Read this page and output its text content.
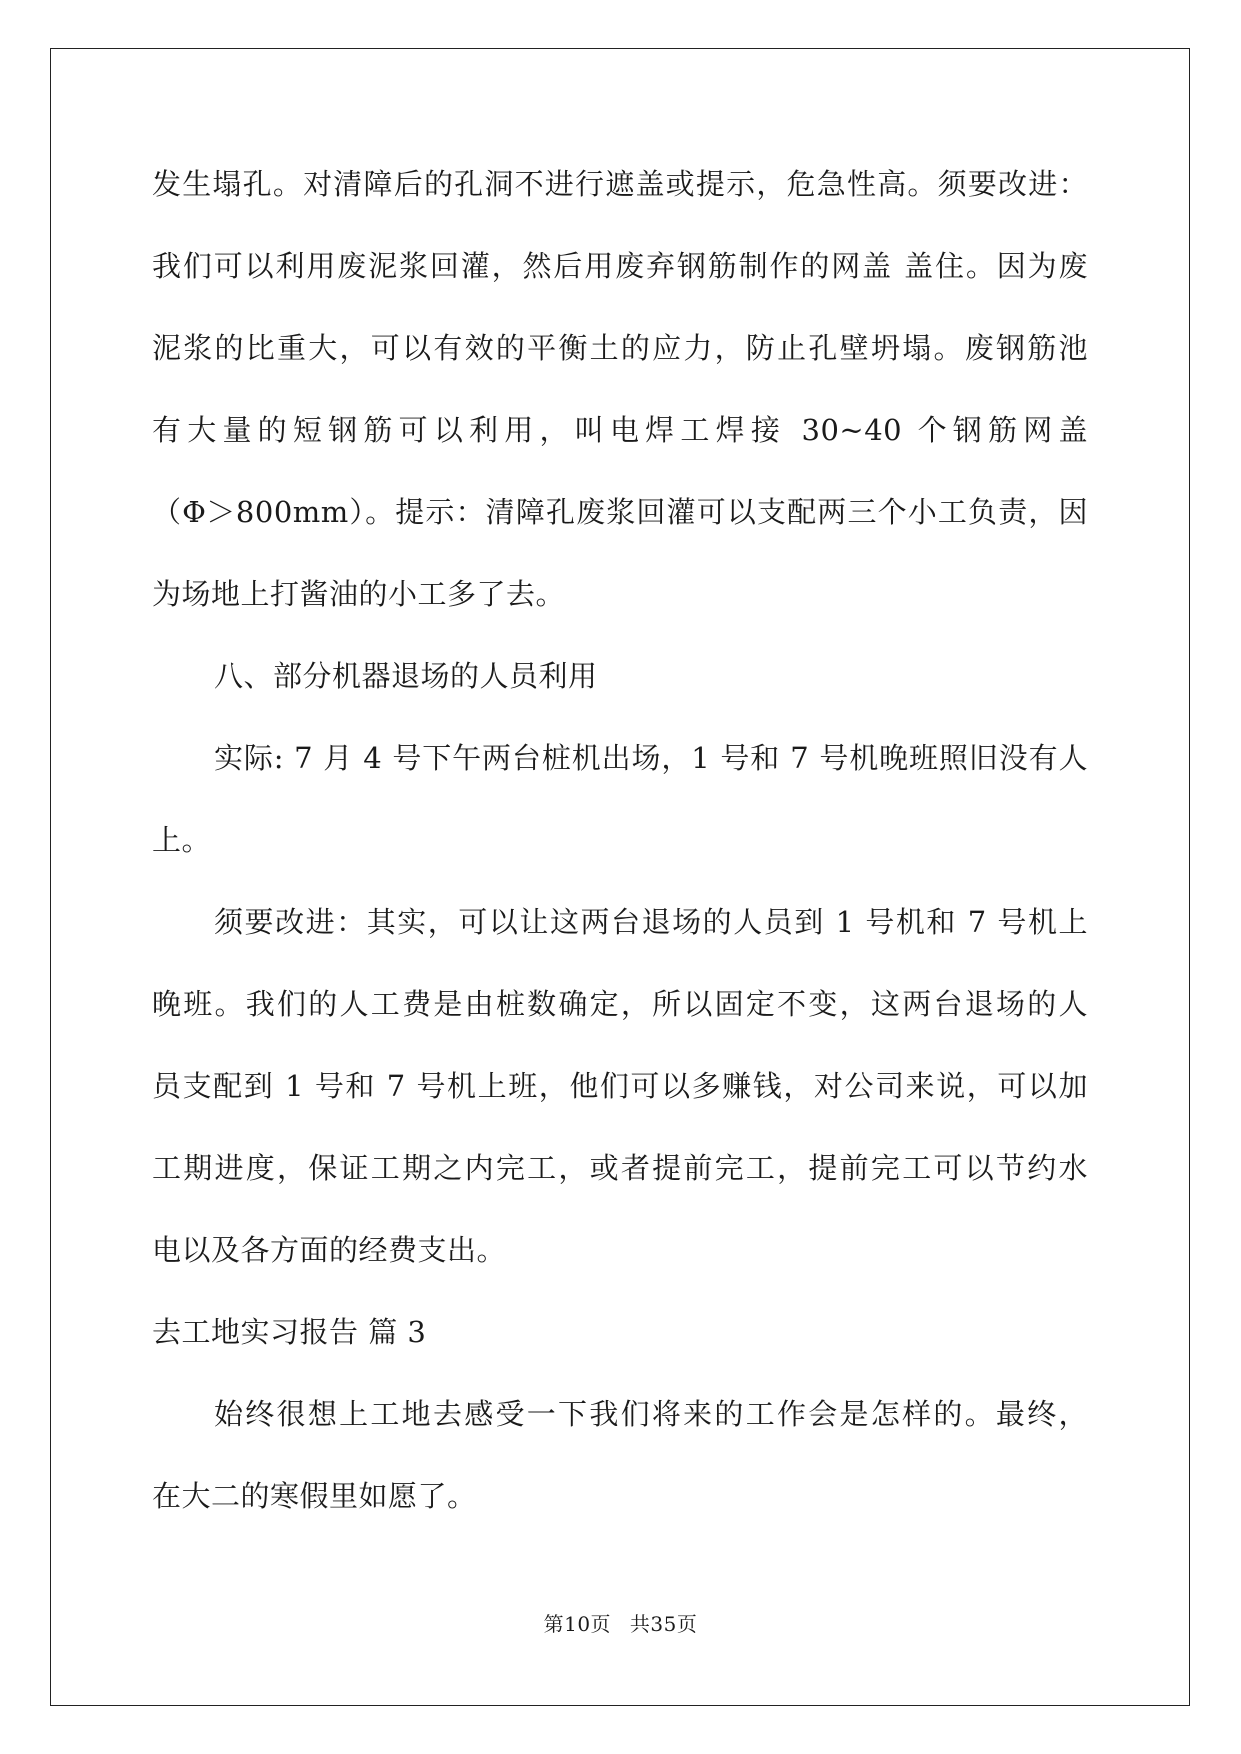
发生塌孔。对清障后的孔洞不进行遮盖或提示，危急性高。须要改进：
我们可以利用废泥浆回灌，然后用废弃钢筋制作的网盖 盖住。因为废
泥浆的比重大，可以有效的平衡土的应力，防止孔壁坍塌。废钢筋池
有大量的短钢筋可以利用，叫电焊工焊接 30~40 个钢筋网盖
（Φ＞800mm）。提示：清障孔废浆回灌可以支配两三个小工负责，因
为场地上打酱油的小工多了去。
八、部分机器退场的人员利用
实际: 7 月 4 号下午两台桩机出场，1 号和 7 号机晚班照旧没有人
上。
须要改进：其实，可以让这两台退场的人员到 1 号机和 7 号机上
晚班。我们的人工费是由桩数确定，所以固定不变，这两台退场的人
员支配到 1 号和 7 号机上班，他们可以多赚钱，对公司来说，可以加
工期进度，保证工期之内完工，或者提前完工，提前完工可以节约水
电以及各方面的经费支出。
去工地实习报告 篇 3
始终很想上工地去感受一下我们将来的工作会是怎样的。最终，
在大二的寒假里如愿了。
第10页 共35页
